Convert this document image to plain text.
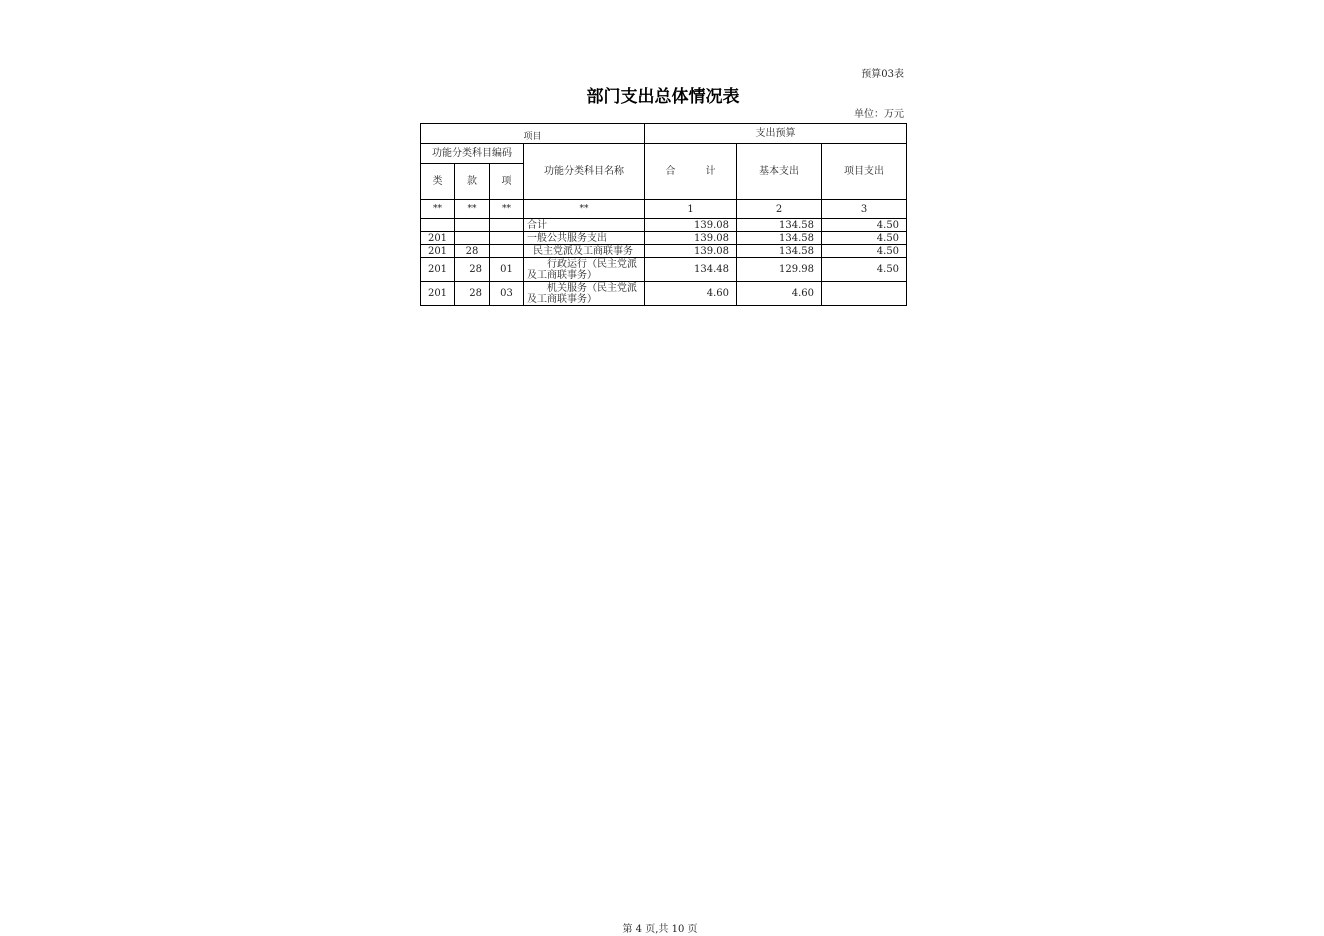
预算03表
部门支出总体情况表
单位：万元
项目				支出预算		
功能分类科目编码			功能分类科目名称	合　　　计	基本支出	项目支出
类	款	项				
**	**	**	**	1	2	3
			合计	139.08	134.58	4.50
201			一般公共服务支出	139.08	134.58	4.50
201	28		民主党派及工商联事务	139.08	134.58	4.50
201	28	01	行政运行（民主党派及工商联事务）	134.48	129.98	4.50
201	28	03	机关服务（民主党派及工商联事务）	4.60	4.60	
第 4 页,共 10 页
